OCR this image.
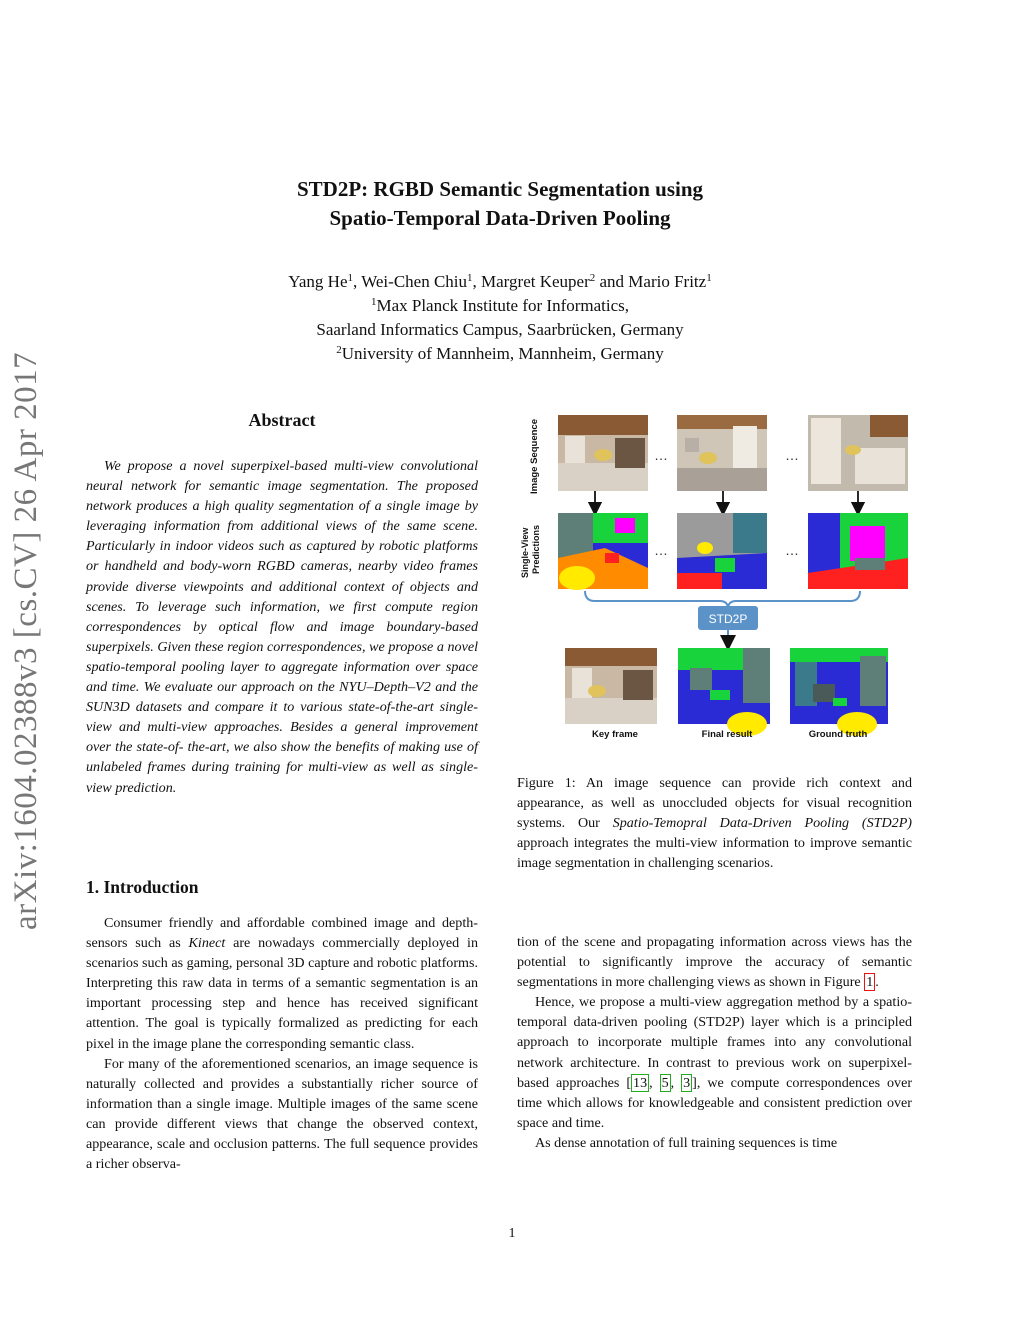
arXiv:1604.02388v3 [cs.CV] 26 Apr 2017
STD2P: RGBD Semantic Segmentation using
Spatio-Temporal Data-Driven Pooling
Yang He$^1$, Wei-Chen Chiu$^1$, Margret Keuper$^2$ and Mario Fritz$^1$
$^1$Max Planck Institute for Informatics,
Saarland Informatics Campus, Saarbrücken, Germany
$^2$University of Mannheim, Mannheim, Germany
Abstract

We propose a novel superpixel-based multi-view convolutional neural network for semantic image segmentation. The proposed network produces a high quality segmentation of a single image by leveraging information from additional views of the same scene. Particularly in indoor videos such as captured by robotic platforms or handheld and body-worn RGBD cameras, nearby video frames provide diverse viewpoints and additional context of objects and scenes. To leverage such information, we first compute region correspondences by optical flow and image boundary-based superpixels. Given these region correspondences, we propose a novel spatio-temporal pooling layer to aggregate information over space and time. We evaluate our approach on the NYU–Depth–V2 and the SUN3D datasets and compare it to various state-of-the-art single-view and multi-view approaches. Besides a general improvement over the state-of- the-art, we also show the benefits of making use of unlabeled frames during training for multi-view as well as single-view prediction.

1. Introduction

Consumer friendly and affordable combined image and depth-sensors such as Kinect are nowadays commercially deployed in scenarios such as gaming, personal 3D capture and robotic platforms. Interpreting this raw data in terms of a semantic segmentation is an important processing step and hence has received significant attention. The goal is typically formalized as predicting for each pixel in the image plane the corresponding semantic class.

For many of the aforementioned scenarios, an image sequence is naturally collected and provides a substantially richer source of information than a single image. Multiple images of the same scene can provide different views that change the observed context, appearance, scale and occlusion patterns. The full sequence provides a richer observa-

Image Sequence
Single-View Predictions
…	…
…	…
STD2P
Key frame	Final result	Ground truth
Figure 1: An image sequence can provide rich context and appearance, as well as unoccluded objects for visual recognition systems. Our Spatio-Temopral Data-Driven Pooling (STD2P) approach integrates the multi-view information to improve semantic image segmentation in challenging scenarios.

tion of the scene and propagating information across views has the potential to significantly improve the accuracy of semantic segmentations in more challenging views as shown in Figure 1 .

Hence, we propose a multi-view aggregation method by a spatio-temporal data-driven pooling (STD2P) layer which is a principled approach to incorporate multiple frames into any convolutional network architecture. In contrast to previous work on superpixel-based approaches [ 13 , 5 , 3 ], we compute correspondences over time which allows for knowledgeable and consistent prediction over space and time.

As dense annotation of full training sequences is time

1
